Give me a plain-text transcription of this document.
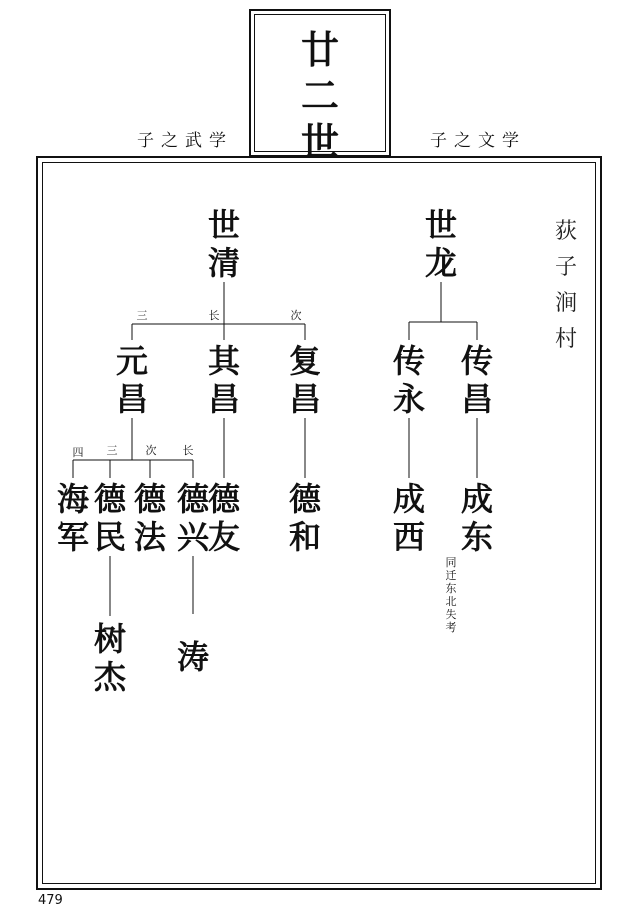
廿
二
世
子之武学	子之文学
荻
子
涧
村
世
清
世
龙
三	长	次
元
昌
其
昌
复
昌
传
永
传
昌
四 三	次 长
海
军
德
民
德
法
德
兴
德
友
德
和
成
西
成
东
同
迁
东
北
失
考
树
杰
涛
479
